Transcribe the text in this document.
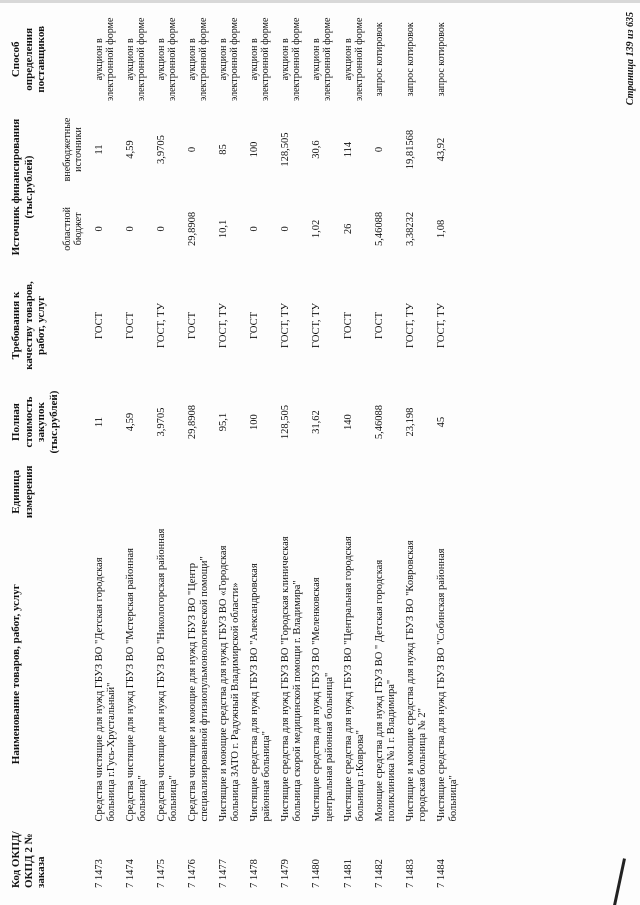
Код ОКПД/ ОКПД 2 № заказа	Наименование товаров, работ, услуг	Единица измерения	Полная стоимость закупок (тыс.рублей)	Требования к качеству товаров, работ, услуг	Источник финансирования (тыс.рублей)		Способ определения поставщиков
					областной бюджет	внебюджетные источники	
7 1473	Средства чистящие для нужд ГБУЗ ВО "Детская городская больница г.Гусь-Хрустальный"		11	ГОСТ	0	11	аукцион в электронной форме
7 1474	Средства чистящие для нужд ГБУЗ ВО "Мстерская районная больница"		4,59	ГОСТ	0	4,59	аукцион в электронной форме
7 1475	Средства чистящие для нужд ГБУЗ ВО "Никологорская районная больница"		3,9705	ГОСТ, ТУ	0	3,9705	аукцион в электронной форме
7 1476	Средства чистящие и моющие для нужд ГБУЗ ВО "Центр специализированной фтизиопульмонологической помощи"		29,8908	ГОСТ	29,8908	0	аукцион в электронной форме
7 1477	Чистящие и моющие средства для нужд ГБУЗ ВО «Городская больница ЗАТО г. Радужный Владимирской области»		95,1	ГОСТ, ТУ	10,1	85	аукцион в электронной форме
7 1478	Чистящие средства для нужд ГБУЗ ВО "Александровская районная больница"		100	ГОСТ	0	100	аукцион в электронной форме
7 1479	Чистящие средства для нужд ГБУЗ ВО "Городская клиническая больница скорой медицинской помощи г. Владимира"		128,505	ГОСТ, ТУ	0	128,505	аукцион в электронной форме
7 1480	Чистящие средства для нужд ГБУЗ ВО "Меленковская центральная районная больница"		31,62	ГОСТ, ТУ	1,02	30,6	аукцион в электронной форме
7 1481	Чистящие средства для нужд ГБУЗ ВО "Центральная городская больница г.Коврова"		140	ГОСТ	26	114	аукцион в электронной форме
7 1482	Моющие средства для нужд ГБУЗ ВО " Детская городская поликлиника №1 г. Владимира"		5,46088	ГОСТ	5,46088	0	запрос котировок
7 1483	Чистящие и моющие средства для нужд ГБУЗ ВО "Ковровская городская больница № 2"		23,198	ГОСТ, ТУ	3,38232	19,81568	запрос котировок
7 1484	Чистящие средства для нужд ГБУЗ ВО "Собинская районная больница"		45	ГОСТ, ТУ	1,08	43,92	запрос котировок	Страница 139 из 635
